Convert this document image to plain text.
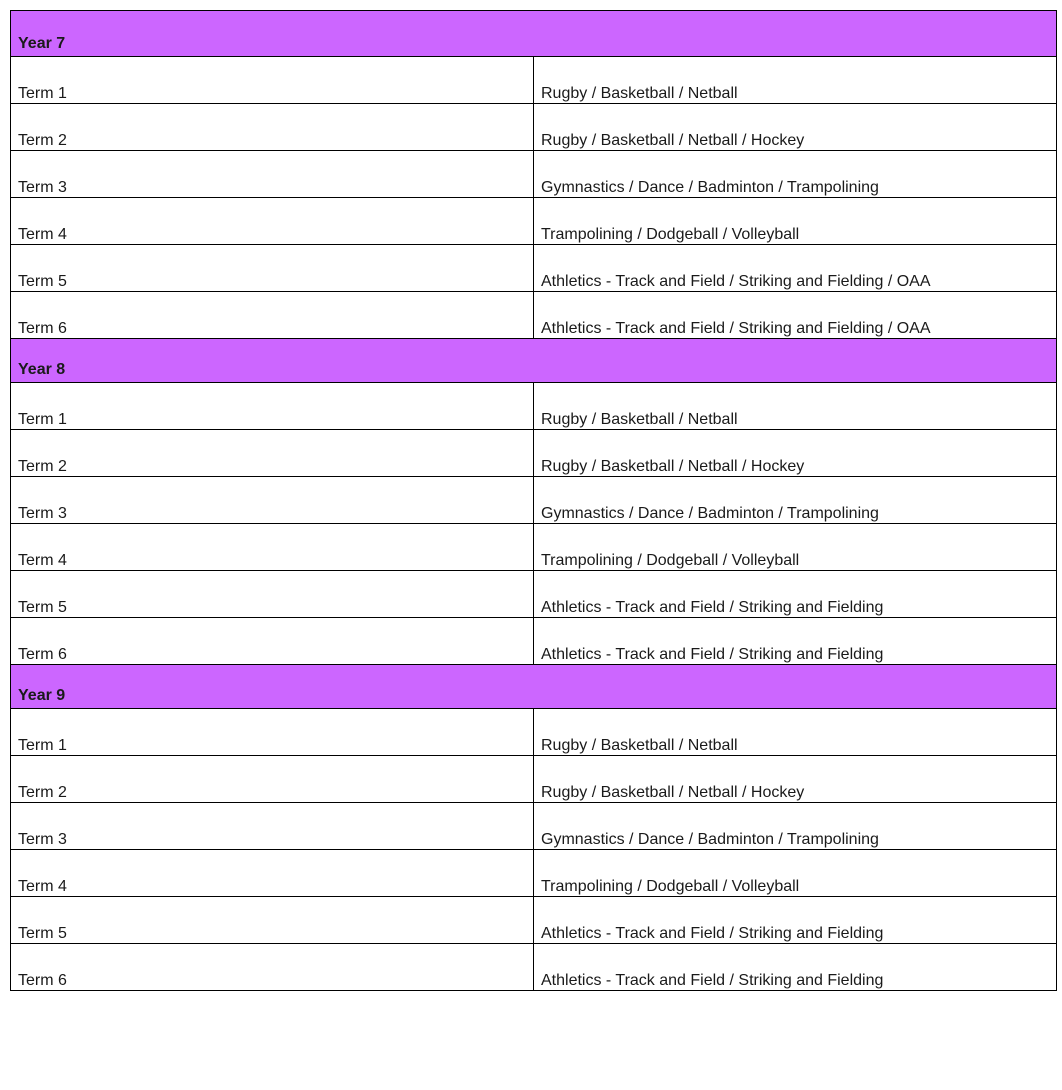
Year 7	
Term 1	Rugby / Basketball / Netball
Term 2	Rugby / Basketball / Netball / Hockey
Term 3	Gymnastics / Dance / Badminton / Trampolining
Term 4	Trampolining / Dodgeball / Volleyball
Term 5	Athletics - Track and Field / Striking and Fielding / OAA
Term 6	Athletics - Track and Field / Striking and Fielding / OAA
Year 8	
Term 1	Rugby / Basketball / Netball
Term 2	Rugby / Basketball / Netball / Hockey
Term 3	Gymnastics / Dance / Badminton / Trampolining
Term 4	Trampolining / Dodgeball / Volleyball
Term 5	Athletics - Track and Field / Striking and Fielding
Term 6	Athletics - Track and Field / Striking and Fielding
Year 9	
Term 1	Rugby / Basketball / Netball
Term 2	Rugby / Basketball / Netball / Hockey
Term 3	Gymnastics / Dance / Badminton / Trampolining
Term 4	Trampolining / Dodgeball / Volleyball
Term 5	Athletics - Track and Field / Striking and Fielding
Term 6	Athletics - Track and Field / Striking and Fielding
